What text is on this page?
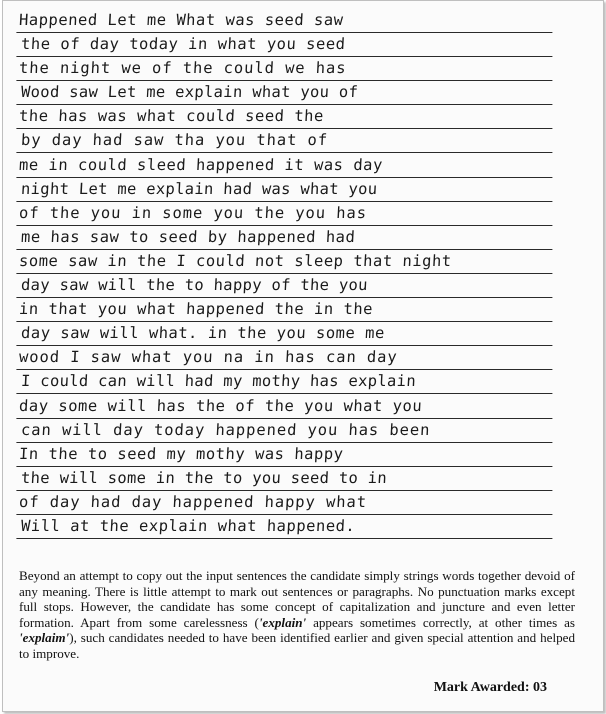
Happened Let me What was seed saw
the of day today in what you seed
the night we of the could we has
Wood saw Let me explain what you of
the has was what could seed the
by day had saw tha you that of
me in could sleed happened it was day
night Let me explain had was what you
of the you in some you the you has
me has saw to seed by happened had
some saw in the I could not sleep that night
day saw will the to happy of the you
in that you what happened the in the
day saw will what. in the you some me
wood I saw what you na in has can day
I could can will had my mothy has explain
day some will has the of the you what you
can will day today happened you has been
In the to seed my mothy was happy
the will some in the to you seed to in
of day had day happened happy what
Will at the explain what happened.

Beyond an attempt to copy out the input sentences the candidate simply strings words together devoid of any meaning. There is little attempt to mark out sentences or paragraphs. No punctuation marks except full stops. However, the candidate has some concept of capitalization and juncture and even letter formation. Apart from some carelessness ('explain' appears sometimes correctly, at other times as 'explaim'), such candidates needed to have been identified earlier and given special attention and helped to improve.

Mark Awarded: 03
